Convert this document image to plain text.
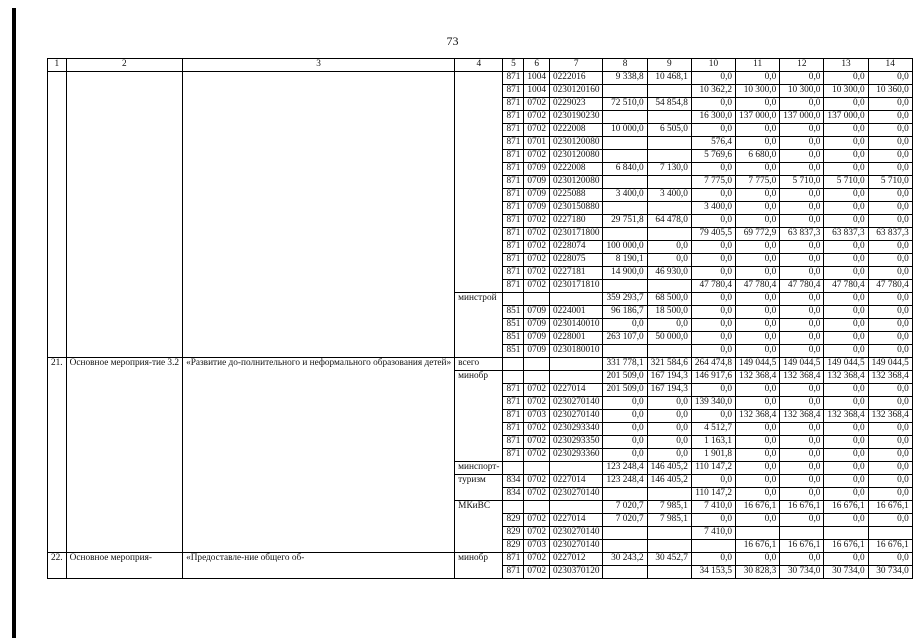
73
1	2	3	4	5	6	7	8	9	10	11	12	13	14
				871	1004	0222016	9 338,8	10 468,1	0,0	0,0	0,0	0,0	0,0
				871	1004	0230120160			10 362,2	10 300,0	10 300,0	10 300,0	10 360,0
				871	0702	0229023	72 510,0	54 854,8	0,0	0,0	0,0	0,0	0,0
				871	0702	0230190230			16 300,0	137 000,0	137 000,0	137 000,0	0,0
				871	0702	0222008	10 000,0	6 505,0	0,0	0,0	0,0	0,0	0,0
				871	0701	0230120080			576,4	0,0	0,0	0,0	0,0
				871	0702	0230120080			5 769,6	6 680,0	0,0	0,0	0,0
				871	0709	0222008	6 840,0	7 130,0	0,0	0,0	0,0	0,0	0,0
				871	0709	0230120080			7 775,0	7 775,0	5 710,0	5 710,0	5 710,0
				871	0709	0225088	3 400,0	3 400,0	0,0	0,0	0,0	0,0	0,0
				871	0709	0230150880			3 400,0	0,0	0,0	0,0	0,0
				871	0702	0227180	29 751,8	64 478,0	0,0	0,0	0,0	0,0	0,0
				871	0702	0230171800			79 405,5	69 772,9	63 837,3	63 837,3	63 837,3
				871	0702	0228074	100 000,0	0,0	0,0	0,0	0,0	0,0	0,0
				871	0702	0228075	8 190,1	0,0	0,0	0,0	0,0	0,0	0,0
				871	0702	0227181	14 900,0	46 930,0	0,0	0,0	0,0	0,0	0,0
				871	0702	0230171810			47 780,4	47 780,4	47 780,4	47 780,4	47 780,4
			минстрой				359 293,7	68 500,0	0,0	0,0	0,0	0,0	0,0
				851	0709	0224001	96 186,7	18 500,0	0,0	0,0	0,0	0,0	0,0
				851	0709	0230140010	0,0	0,0	0,0	0,0	0,0	0,0	0,0
				851	0709	0228001	263 107,0	50 000,0	0,0	0,0	0,0	0,0	0,0
				851	0709	0230180010			0,0	0,0	0,0	0,0	0,0
21.	Основное мероприя-тие 3.2	«Развитие до-полнительного и неформального образования детей»	всего				331 778,1	321 584,6	264 474,8	149 044,5	149 044,5	149 044,5	149 044,5
			минобр				201 509,0	167 194,3	146 917,6	132 368,4	132 368,4	132 368,4	132 368,4
				871	0702	0227014	201 509,0	167 194,3	0,0	0,0	0,0	0,0	0,0
				871	0702	0230270140	0,0	0,0	139 340,0	0,0	0,0	0,0	0,0
				871	0703	0230270140	0,0	0,0	0,0	132 368,4	132 368,4	132 368,4	132 368,4
				871	0702	0230293340	0,0	0,0	4 512,7	0,0	0,0	0,0	0,0
				871	0702	0230293350	0,0	0,0	1 163,1	0,0	0,0	0,0	0,0
				871	0702	0230293360	0,0	0,0	1 901,8	0,0	0,0	0,0	0,0
			минспорт-				123 248,4	146 405,2	110 147,2	0,0	0,0	0,0	0,0
			туризм	834	0702	0227014	123 248,4	146 405,2	0,0	0,0	0,0	0,0	0,0
				834	0702	0230270140			110 147,2	0,0	0,0	0,0	0,0
			МКиВС				7 020,7	7 985,1	7 410,0	16 676,1	16 676,1	16 676,1	16 676,1
				829	0702	0227014	7 020,7	7 985,1	0,0	0,0	0,0	0,0	0,0
				829	0702	0230270140			7 410,0				
				829	0703	0230270140				16 676,1	16 676,1	16 676,1	16 676,1
22.	Основное мероприя-	«Предоставле-ние общего об-	минобр	871	0702	0227012	30 243,2	30 452,7	0,0	0,0	0,0	0,0	0,0
				871	0702	0230370120			34 153,5	30 828,3	30 734,0	30 734,0	30 734,0
